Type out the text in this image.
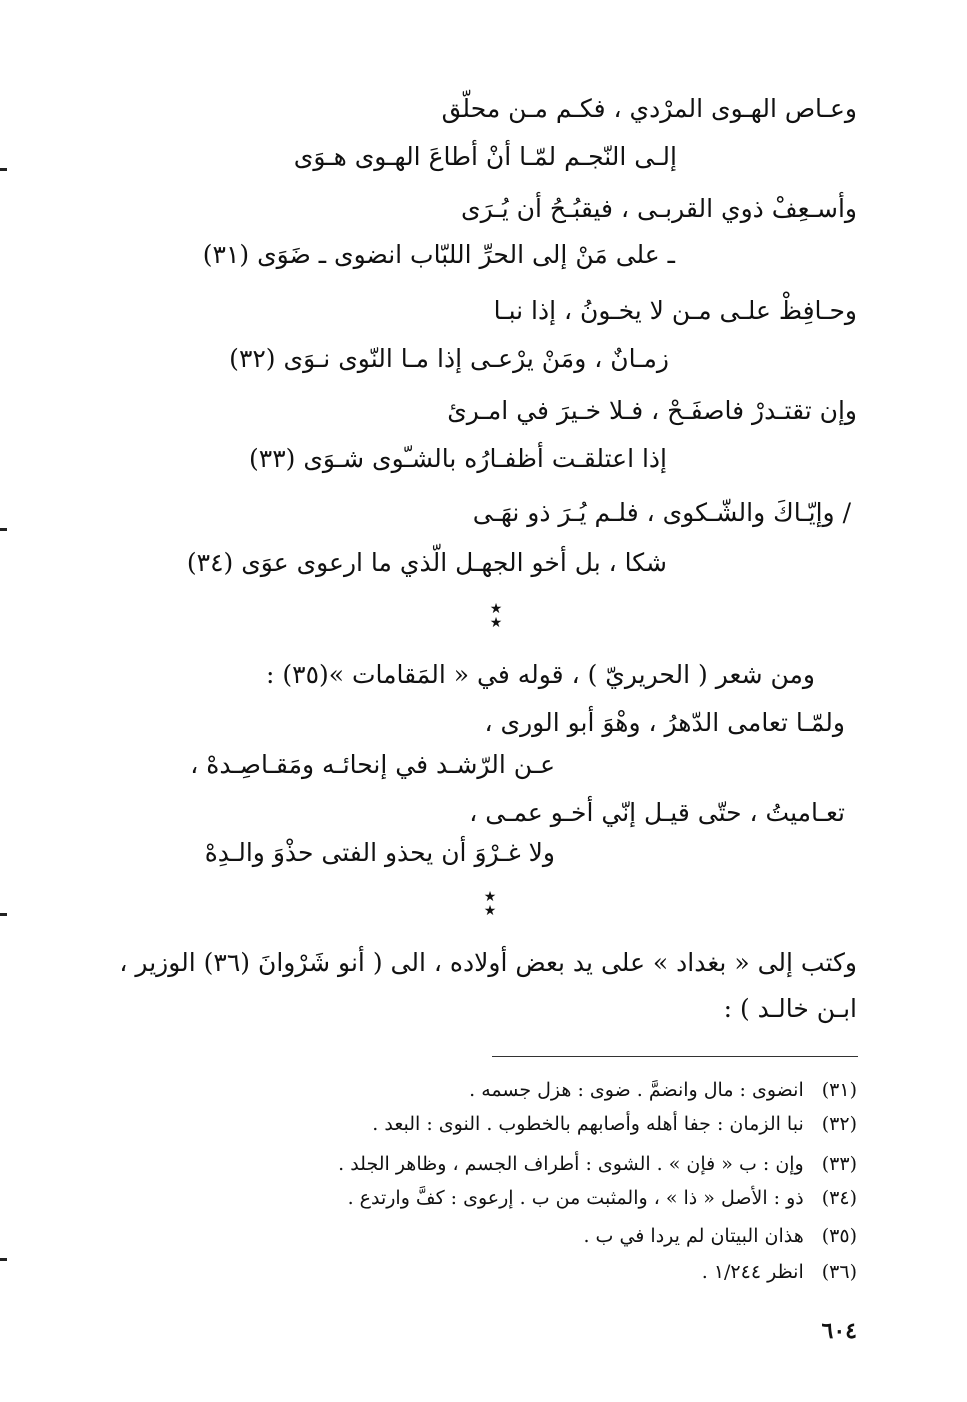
وعـاص الهـوى المرْدي ، فكـم مـن محلّق
إلـى النّجـم لمّـا أنْ أطاعَ الهـوى هـوَى
وأسـعِفْ ذوي القربـى ، فيقبُـحُ أن يُـرَى
ـ على مَنْ إلى الحرِّ اللبّاب انضوى ـ ضَوَى (٣١)
وحـافِظْ علـى مـن لا يخـونُ ، إذا نبـا
زمـانٌ ، ومَنْ يرْعـى إذا مـا النّوى نـوَى (٣٢)
وإن تقتـدرْ فاصفَـحْ ، فـلا خـيرَ في امـرئ
إذا اعتلقـت أظفـارُه بالشـّوى شـوَى (٣٣)
/ وإيّـاكَ والشّـكوى ، فلـم يُـرَ ذو نهَـى
شكا ، بل أخو الجهـل الّذي ما ارعوى عوَى (٣٤)
★
★
ومن شعر ( الحريريّ ) ، قوله في « المَقامات »(٣٥) :
ولمّـا تعامى الدّهرُ ، وهْوَ أبو الورى ،
عـن الرّشـد في إنحائـه ومَقـاصِـدهْ ،
تعـاميتُ ، حتّى قيـل إنّي أخـو عمـى ،
ولا غـرْوَ أن يحذو الفتى حذْوَ والـدِهْ
★
★
وكتب إلى « بغداد » على يد بعض أولاده ، الى ( أنو شَرْوانَ (٣٦) الوزير ،
ابـن خالـد ) :
(٣١)انضوى : مال وانضمَّ . ضوى : هزل جسمه .
(٣٢)نبا الزمان : جفا أهله وأصابهم بالخطوب . النوى : البعد .
(٣٣)وإن : ب « فإن » . الشوى : أطراف الجسم ، وظاهر الجلد .
(٣٤)ذو : الأصل « ذا » ، والمثبت من ب . إرعوى : كفَّ وارتدع .
(٣٥)هذان البيتان لم يردا في ب .
(٣٦)انظر ١/٢٤٤ .
٦٠٤
